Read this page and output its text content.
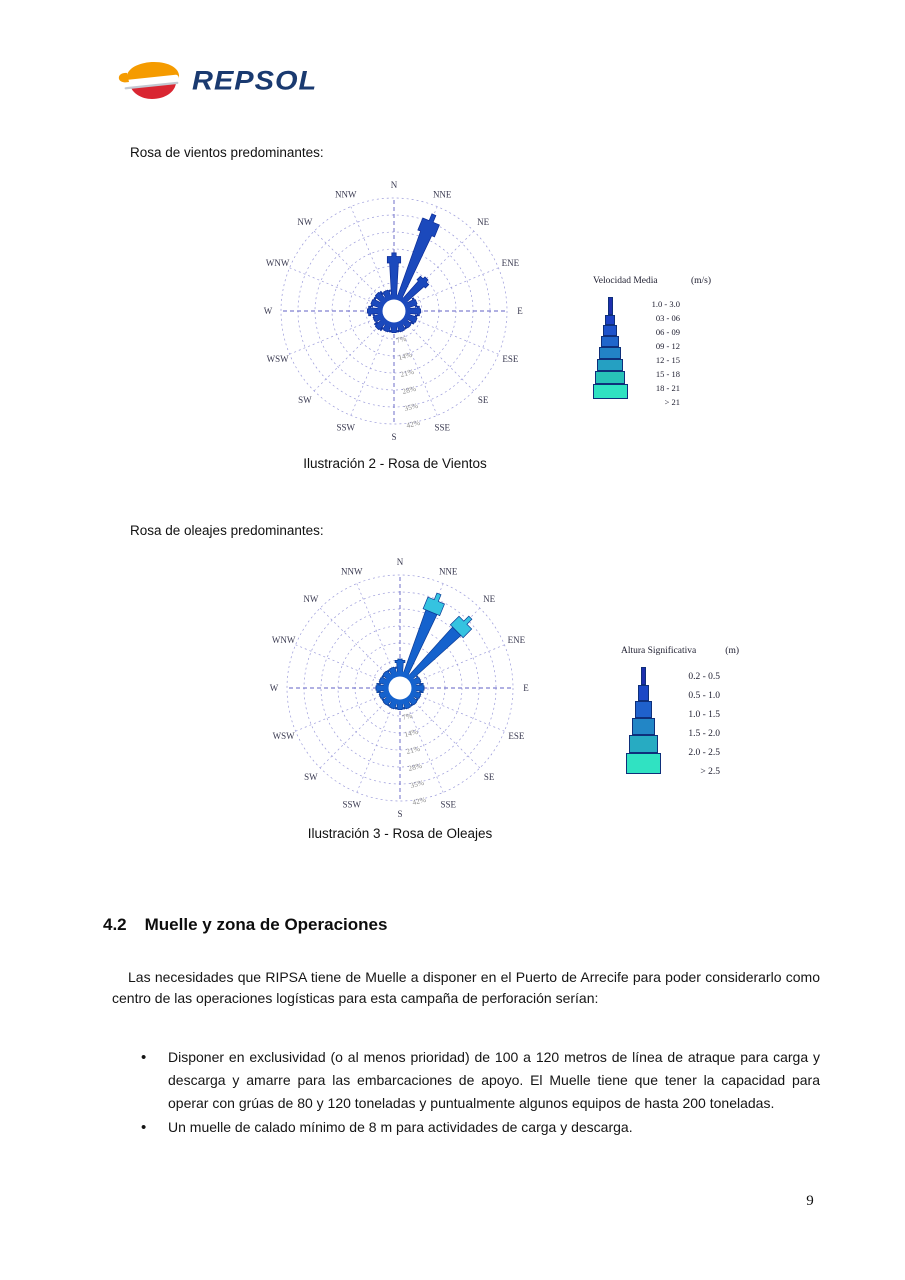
REPSOL
Rosa de vientos predominantes:
7%
14%
21%
28%
35%
42%
N
NNE
NE
ENE
E
ESE
SE
SSE
S
SSW
SW
WSW
W
WNW
NW
NNW
Velocidad Media	(m/s)
1.0 - 3.0
03 - 06
06 - 09
09 - 12
12 - 15
15 - 18
18 - 21
> 21
Ilustración 2 - Rosa de Vientos
Rosa de oleajes predominantes:
7%
14%
21%
28%
35%
42%
N
NNE
NE
ENE
E
ESE
SE
SSE
S
SSW
SW
WSW
W
WNW
NW
NNW
Altura Significativa	(m)
0.2 - 0.5
0.5 - 1.0
1.0 - 1.5
1.5 - 2.0
2.0 - 2.5
> 2.5
Ilustración 3 - Rosa de Oleajes
4.2 Muelle y zona de Operaciones

Las necesidades que RIPSA tiene de Muelle a disponer en el Puerto de Arrecife para poder considerarlo como centro de las operaciones logísticas para esta campaña de perforación serían:

• Disponer en exclusividad (o al menos prioridad) de 100 a 120 metros de línea de atraque para carga y descarga y amarre para las embarcaciones de apoyo. El Muelle tiene que tener la capacidad para operar con grúas de 80 y 120 toneladas y puntualmente algunos equipos de hasta 200 toneladas.
• Un muelle de calado mínimo de 8 m para actividades de carga y descarga.
9
